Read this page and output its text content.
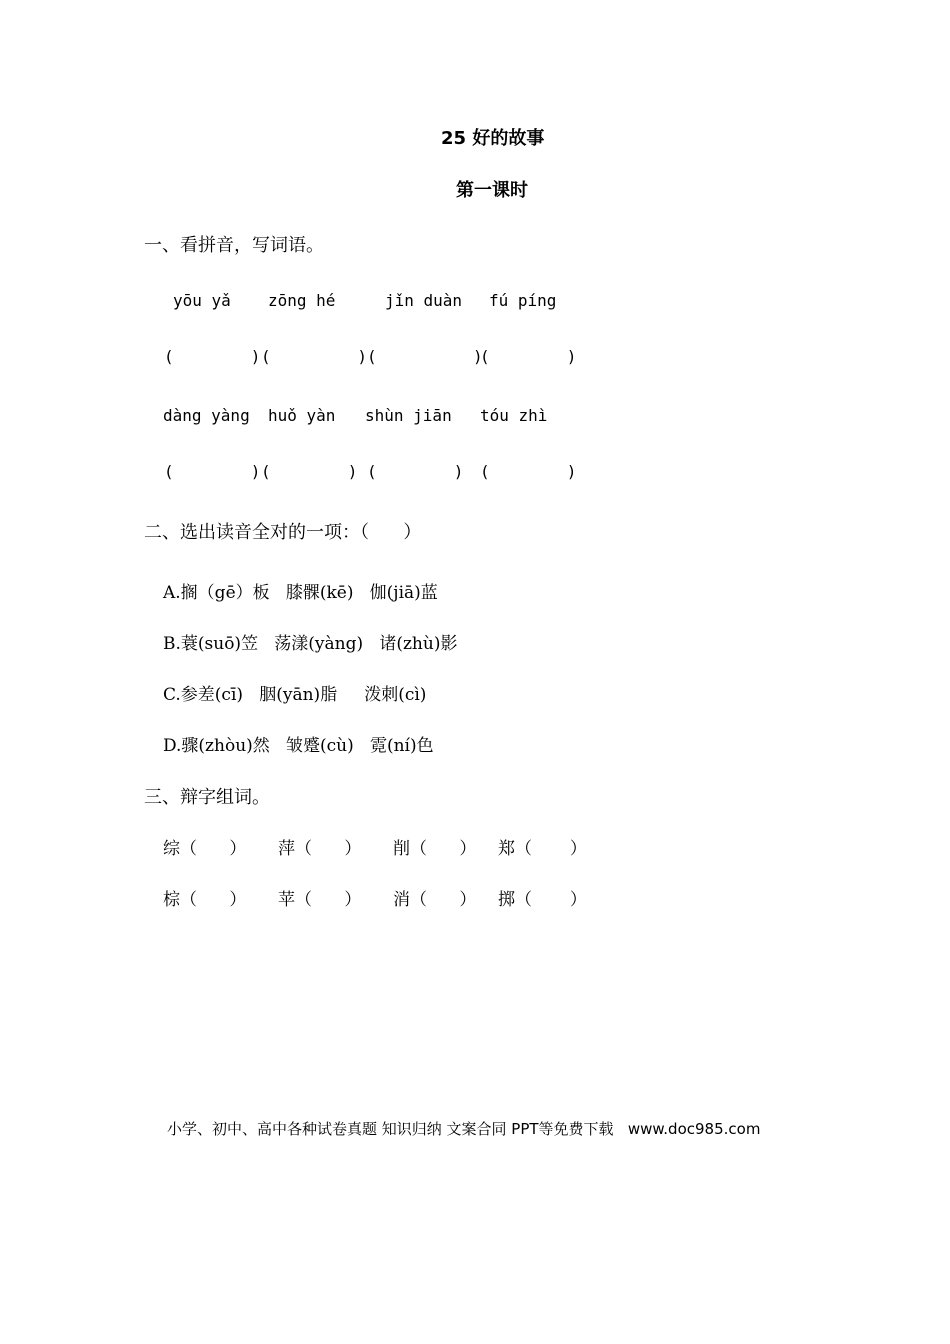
25 好的故事
第一课时
一、看拼音，写词语。
yōu yǎ zōng hé	jǐn duàn fú píng
(        ) (         ) (          )
(        )
dàng yàng huǒ yàn shùn jiān tóu zhì
(        ) (        ) (        ) (        )
二、选出读音全对的一项：（      ）
A.搁（gē）板   膝髁(kē)   伽(jiā)蓝
B.蓑(suō)笠   荡漾(yàng)   诸(zhù)影
C.参差(cī)   胭(yān)脂     泼刺(cì)
D.骤(zhòu)然   皱蹙(cù)   霓(ní)色
三、辩字组词。
综（      ） 萍（      ） 削（      ） 郑（       ）
棕（      ） 苹（      ） 消（      ） 掷（       ）
小学、初中、高中各种试卷真题 知识归纳 文案合同 PPT等免费下载   www.doc985.com
